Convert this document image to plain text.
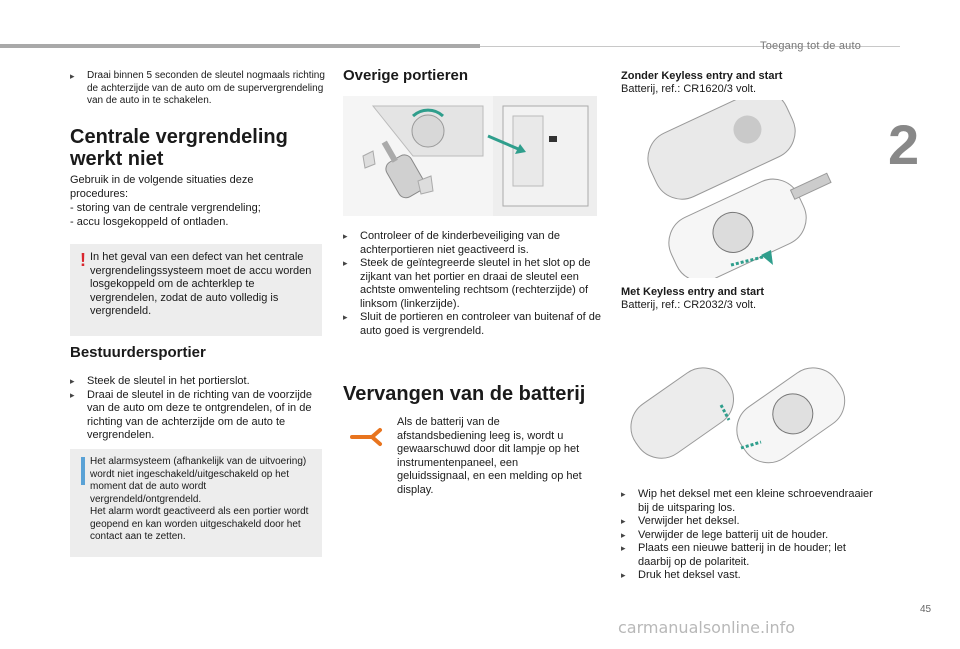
Toegang tot de auto
2
▸ Draai binnen 5 seconden de sleutel nogmaals richting de achterzijde van de auto om de supervergrendeling van de auto in te schakelen.
Centrale vergrendeling werkt niet
Gebruik in de volgende situaties deze procedures:
- storing van de centrale vergrendeling;
- accu losgekoppeld of ontladen.
! In het geval van een defect van het centrale vergrendelingssysteem moet de accu worden losgekoppeld om de achterklep te vergrendelen, zodat de auto volledig is vergrendeld.
Bestuurdersportier
▸ Steek de sleutel in het portierslot.
▸ Draai de sleutel in de richting van de voorzijde van de auto om deze te ontgrendelen, of in de richting van de achterzijde om de auto te vergrendelen.
Het alarmsysteem (afhankelijk van de uitvoering) wordt niet ingeschakeld/uitgeschakeld op het moment dat de auto wordt vergrendeld/ontgrendeld.
Het alarm wordt geactiveerd als een portier wordt geopend en kan worden uitgeschakeld door het contact aan te zetten.
Overige portieren
▸ Controleer of de kinderbeveiliging van de achterportieren niet geactiveerd is.
▸ Steek de geïntegreerde sleutel in het slot op de zijkant van het portier en draai de sleutel een achtste omwenteling rechtsom (rechterzijde) of linksom (linkerzijde).
▸ Sluit de portieren en controleer van buitenaf of de auto goed is vergrendeld.
Vervangen van de batterij
Als de batterij van de afstandsbediening leeg is, wordt u gewaarschuwd door dit lampje op het instrumentenpaneel, een geluidssignaal, en een melding op het display.
Zonder Keyless entry and start
Batterij, ref.: CR1620/3 volt.
Met Keyless entry and start
Batterij, ref.: CR2032/3 volt.
▸ Wip het deksel met een kleine schroevendraaier bij de uitsparing los.
▸ Verwijder het deksel.
▸ Verwijder de lege batterij uit de houder.
▸ Plaats een nieuwe batterij in de houder; let daarbij op de polariteit.
▸ Druk het deksel vast.
45
carmanualsonline.info
